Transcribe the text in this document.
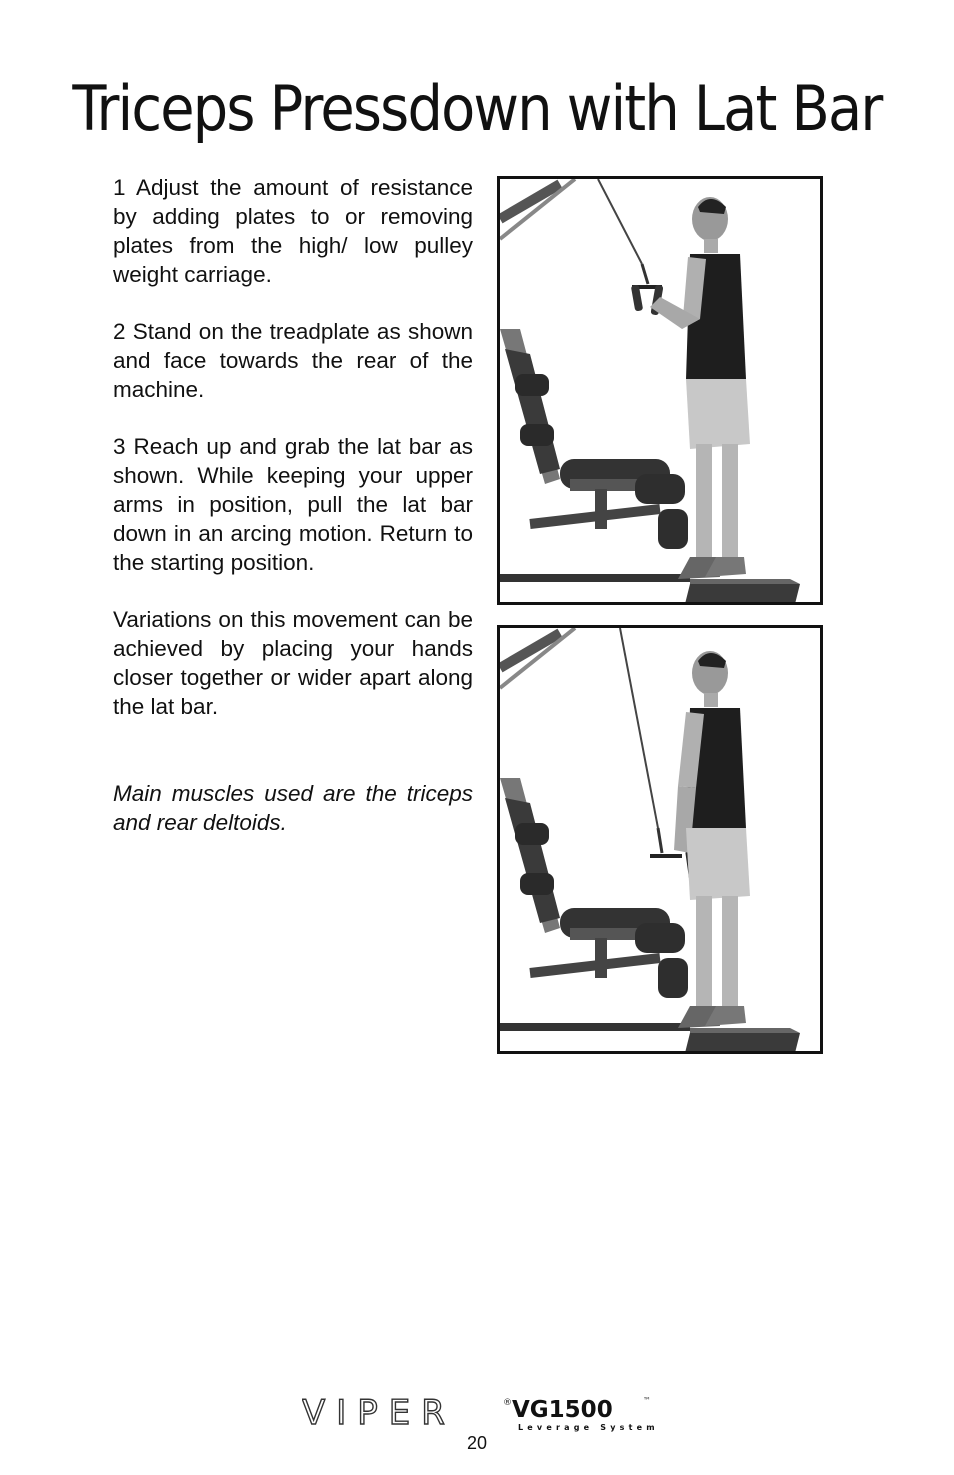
Triceps Pressdown with Lat Bar

1 Adjust the amount of resistance by adding plates to or removing plates from the high/ low pulley weight carriage.

2 Stand on the treadplate as shown and face towards the rear of the machine.

3 Reach up and grab the lat bar as shown. While keeping your upper arms in position, pull the lat bar down in an arcing motion. Return to the starting position.

Variations on this movement can be achieved by placing your hands closer together or wider apart along the lat bar.

Main muscles used are the triceps and rear deltoids.

VIPER	® VG1500	™
Leverage System
20
